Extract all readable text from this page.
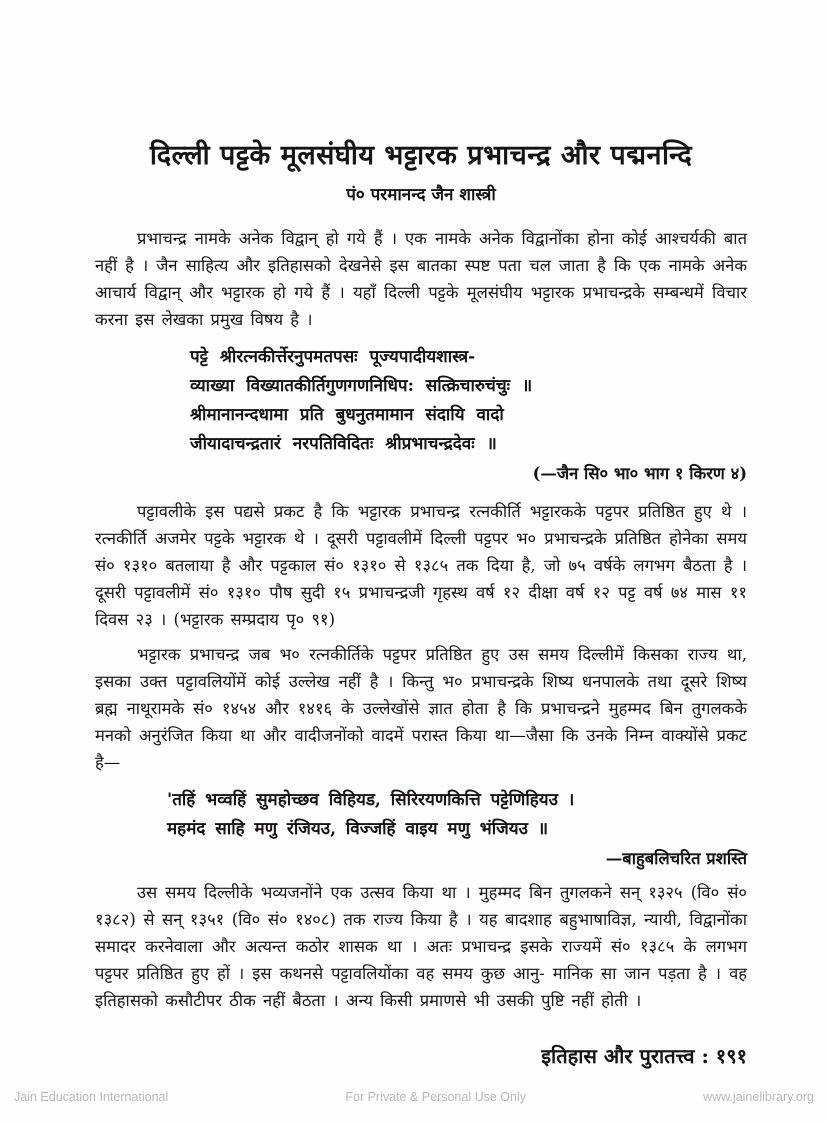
दिल्ली पट्टके मूलसंघीय भट्टारक प्रभाचन्द्र और पद्मनन्दि
पं० परमानन्द जैन शास्त्री

प्रभाचन्द्र नामके अनेक विद्वान् हो गये हैं । एक नामके अनेक विद्वानोंका होना कोई आश्चर्यकी बात नहीं है । जैन साहित्य और इतिहासको देखनेसे इस बातका स्पष्ट पता चल जाता है कि एक नामके अनेक आचार्य विद्वान् और भट्टारक हो गये हैं । यहाँ दिल्ली पट्टके मूलसंघीय भट्टारक प्रभाचन्द्रके सम्बन्धमें विचार करना इस लेखका प्रमुख विषय है ।

पट्टे श्रीरत्नकीर्त्तेरनुपमतपसः पूज्यपादीयशास्त्र-
व्याख्या विख्यातकीर्तिगुणगणनिधिप: सत्क्रिचारुचंचुः ॥
श्रीमानानन्दधामा प्रति बुधनुतमामान संदायि वादो
जीयादाचन्द्रतारं नरपतिविदितः श्रीप्रभाचन्द्रदेवः ॥
(—जैन सि० भा० भाग १ किरण ४)

पट्टावलीके इस पद्यसे प्रकट है कि भट्टारक प्रभाचन्द्र रत्नकीर्ति भट्टारकके पट्टपर प्रतिष्ठित हुए थे । रत्नकीर्ति अजमेर पट्टके भट्टारक थे । दूसरी पट्टावलीमें दिल्ली पट्टपर भ० प्रभाचन्द्रके प्रतिष्ठित होनेका समय सं० १३१० बतलाया है और पट्टकाल सं० १३१० से १३८५ तक दिया है, जो ७५ वर्षके लगभग बैठता है । दूसरी पट्टावलीमें सं० १३१० पौष सुदी १५ प्रभाचन्द्रजी गृहस्थ वर्ष १२ दीक्षा वर्ष १२ पट्ट वर्ष ७४ मास ११ दिवस २३ । (भट्टारक सम्प्रदाय पृ० ९१)

भट्टारक प्रभाचन्द्र जब भ० रत्नकीर्तिके पट्टपर प्रतिष्ठित हुए उस समय दिल्लीमें किसका राज्य था, इसका उक्त पट्टावलियोंमें कोई उल्लेख नहीं है । किन्तु भ० प्रभाचन्द्रके शिष्य धनपालके तथा दूसरे शिष्य ब्रह्म नाथूरामके सं० १४५४ और १४१६ के उल्लेखोंसे ज्ञात होता है कि प्रभाचन्द्रने मुहम्मद बिन तुगलकके मनको अनुरंजित किया था और वादीजनोंको वादमें परास्त किया था—जैसा कि उनके निम्न वाक्योंसे प्रकट है—

'तहिं भव्वहिं सुमहोच्छव विहियड, सिरिरयणकित्ति पट्टेणिहियउ ।
महमंद साहि मणु रंजियउ, विज्जहिं वाइय मणु भंजियउ ॥
—बाहुबलिचरित प्रशस्ति

उस समय दिल्लीके भव्यजनोंने एक उत्सव किया था । मुहम्मद बिन तुगलकने सन् १३२५ (वि० सं० १३८२) से सन् १३५१ (वि० सं० १४०८) तक राज्य किया है । यह बादशाह बहुभाषाविज्ञ, न्यायी, विद्वानोंका समादर करनेवाला और अत्यन्त कठोर शासक था । अतः प्रभाचन्द्र इसके राज्यमें सं० १३८५ के लगभग पट्टपर प्रतिष्ठित हुए हों । इस कथनसे पट्टावलियोंका वह समय कुछ आनु- मानिक सा जान पड़ता है । वह इतिहासको कसौटीपर ठीक नहीं बैठता । अन्य किसी प्रमाणसे भी उसकी पुष्टि नहीं होती ।

इतिहास और पुरातत्त्व : १९१
Jain Education International	For Private & Personal Use Only	www.jainelibrary.org
